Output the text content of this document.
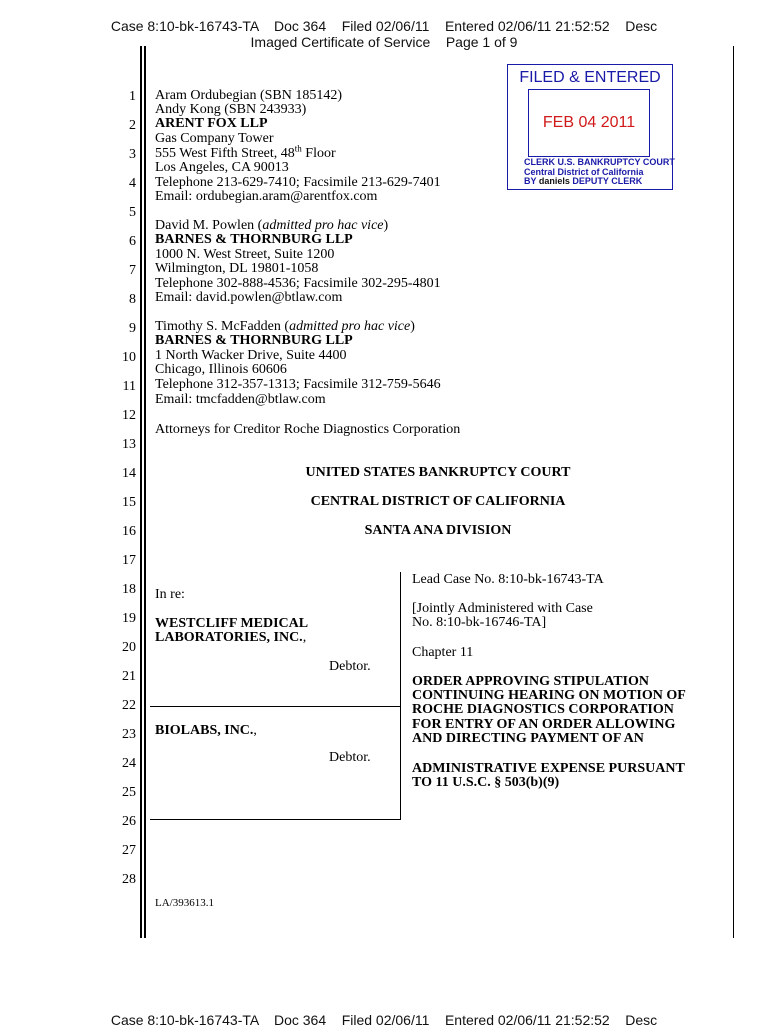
Case 8:10-bk-16743-TA    Doc 364    Filed 02/06/11    Entered 02/06/11 21:52:52    Desc
Imaged Certificate of Service    Page 1 of 9
1
2
3
4
5
6
7
8
9
10
11
12
13
14
15
16
17
18
19
20
21
22
23
24
25
26
27
28
FILED & ENTERED
FEB 04 2011
CLERK U.S. BANKRUPTCY COURT
Central District of California
BY daniels DEPUTY CLERK
Aram Ordubegian (SBN 185142)
Andy Kong (SBN 243933)
ARENT FOX LLP
Gas Company Tower
555 West Fifth Street, 48th Floor
Los Angeles, CA 90013
Telephone 213-629-7410; Facsimile 213-629-7401
Email: ordubegian.aram@arentfox.com
David M. Powlen (admitted pro hac vice)
BARNES & THORNBURG LLP
1000 N. West Street, Suite 1200
Wilmington, DL 19801-1058
Telephone 302-888-4536; Facsimile 302-295-4801
Email: david.powlen@btlaw.com
Timothy S. McFadden (admitted pro hac vice)
BARNES & THORNBURG LLP
1 North Wacker Drive, Suite 4400
Chicago, Illinois 60606
Telephone 312-357-1313; Facsimile 312-759-5646
Email: tmcfadden@btlaw.com
Attorneys for Creditor Roche Diagnostics Corporation
UNITED STATES BANKRUPTCY COURT
CENTRAL DISTRICT OF CALIFORNIA
SANTA ANA DIVISION
In re:
WESTCLIFF MEDICAL
LABORATORIES, INC.,
Debtor.
BIOLABS, INC.,
Debtor.
Lead Case No. 8:10-bk-16743-TA
[Jointly Administered with Case
No. 8:10-bk-16746-TA]
Chapter 11
ORDER APPROVING STIPULATION
CONTINUING HEARING ON MOTION OF
ROCHE DIAGNOSTICS CORPORATION
FOR ENTRY OF AN ORDER ALLOWING
AND DIRECTING PAYMENT OF AN
ADMINISTRATIVE EXPENSE PURSUANT
TO 11 U.S.C. § 503(b)(9)
LA/393613.1
Case 8:10-bk-16743-TA    Doc 364    Filed 02/06/11    Entered 02/06/11 21:52:52    Desc
